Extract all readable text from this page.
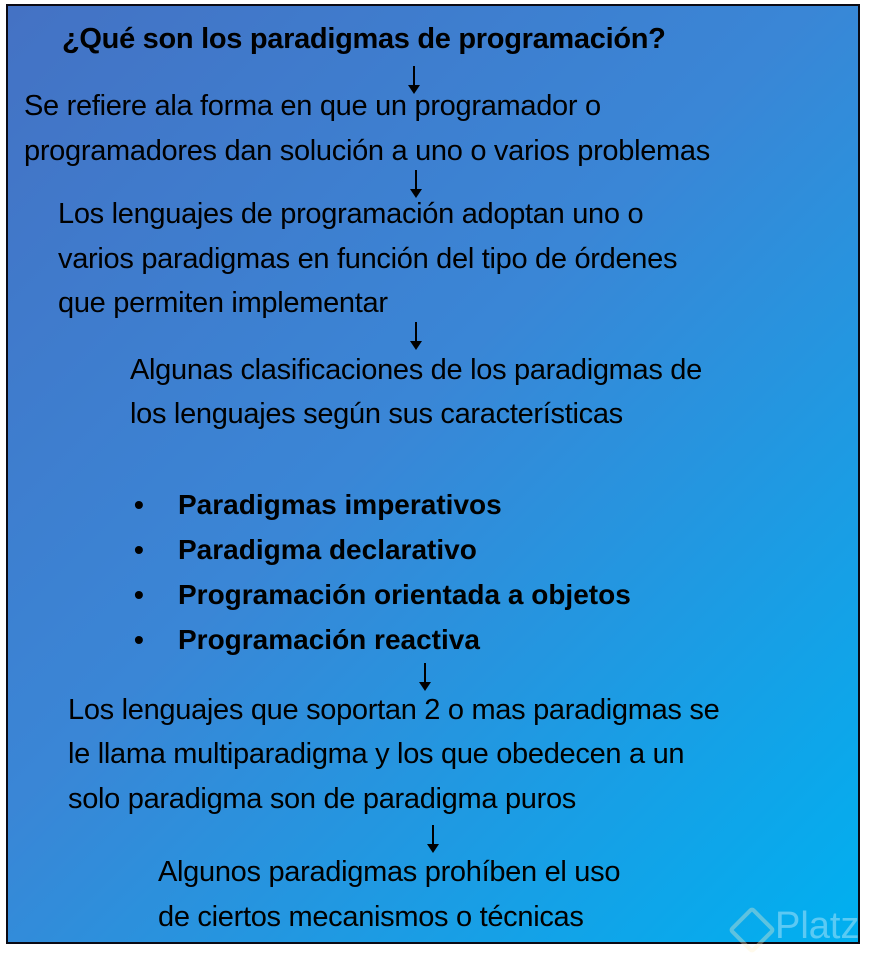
¿Qué son los paradigmas de programación?
Se refiere ala forma en que un programador o
programadores dan solución a uno o varios problemas
Los lenguajes de programación adoptan uno o
varios paradigmas en función del tipo de órdenes
que permiten implementar
Algunas clasificaciones de los paradigmas de
los lenguajes según sus características
• Paradigmas imperativos
• Paradigma declarativo
• Programación orientada a objetos
• Programación reactiva
Los lenguajes que soportan 2 o mas paradigmas se
le llama multiparadigma y los que obedecen a un
solo paradigma son de paradigma puros
Algunos paradigmas prohíben el uso
de ciertos mecanismos o técnicas	Platzi
